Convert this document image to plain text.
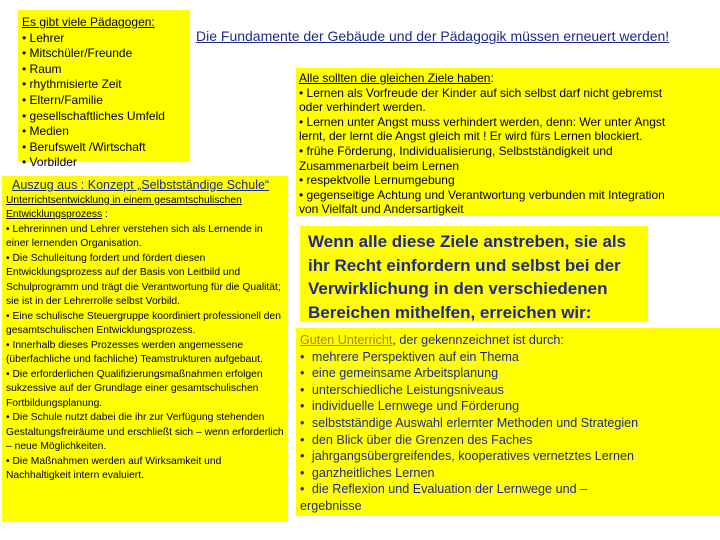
Es gibt viele Pädagogen:
• Lehrer
• Mitschüler/Freunde
• Raum
• rhythmisierte Zeit
• Eltern/Familie
• gesellschaftliches Umfeld
• Medien
• Berufswelt /Wirtschaft
• Vorbilder
Die Fundamente der Gebäude und der Pädagogik müssen erneuert werden!
Alle sollten die gleichen Ziele haben:
• Lernen als Vorfreude der Kinder auf sich selbst darf nicht gebremst
oder verhindert werden.
• Lernen unter Angst muss verhindert werden, denn: Wer unter Angst
lernt, der lernt die Angst gleich mit ! Er wird fürs Lernen blockiert.
• frühe Förderung, Individualisierung, Selbstständigkeit und
Zusammenarbeit beim Lernen
• respektvolle Lernumgebung
• gegenseitige Achtung und Verantwortung verbunden mit Integration
von Vielfalt und Andersartigkeit
Auszug aus : Konzept „Selbstständige Schule“
Unterrichtsentwicklung in einem gesamtschulischen Entwicklungsprozess :
• Lehrerinnen und Lehrer verstehen sich als Lernende in einer lernenden Organisation.
• Die Schulleitung fordert und fördert diesen Entwicklungsprozess auf der Basis von Leitbild und Schulprogramm und trägt die Verantwortung für die Qualität; sie ist in der Lehrerrolle selbst Vorbild.
• Eine schulische Steuergruppe koordiniert professionell den gesamtschulischen Entwicklungsprozess.
• Innerhalb dieses Prozesses werden angemessene (überfachliche und fachliche) Teamstrukturen aufgebaut.
• Die erforderlichen Qualifizierungsmaßnahmen erfolgen sukzessive auf der Grundlage einer gesamtschulischen Fortbildungsplanung.
• Die Schule nutzt dabei die ihr zur Verfügung stehenden Gestaltungsfreiräume und erschließt sich – wenn erforderlich – neue Möglichkeiten.
• Die Maßnahmen werden auf Wirksamkeit und Nachhaltigkeit intern evaluiert.
Wenn alle diese Ziele anstreben, sie als ihr Recht einfordern und selbst bei der Verwirklichung in den verschiedenen Bereichen mithelfen, erreichen wir:
Guten Unterricht, der gekennzeichnet ist durch:
• mehrere Perspektiven auf ein Thema
• eine gemeinsame Arbeitsplanung
• unterschiedliche Leistungsniveaus
• individuelle Lernwege und Förderung
• selbstständige Auswahl erlernter Methoden und Strategien
• den Blick über die Grenzen des Faches
• jahrgangsübergreifendes, kooperatives vernetztes Lernen
• ganzheitliches Lernen
• die Reflexion und Evaluation der Lernwege und –
ergebnisse
